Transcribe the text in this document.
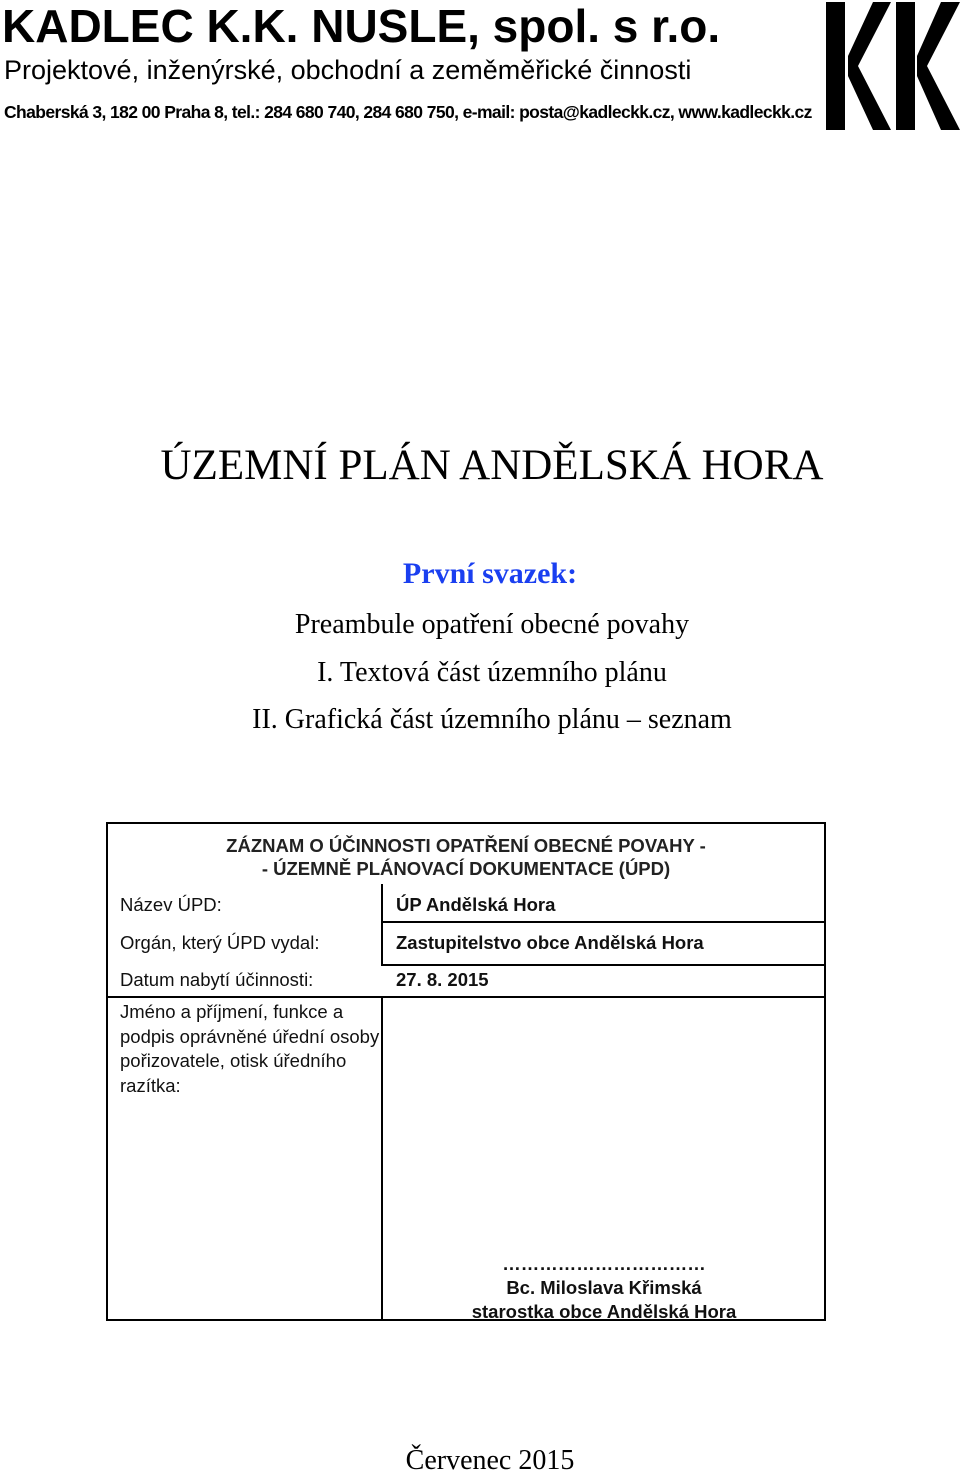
KADLEC K.K. NUSLE, spol. s r.o.
Projektové, inženýrské, obchodní a zeměměřické činnosti
Chaberská 3, 182 00 Praha 8, tel.: 284 680 740, 284 680 750, e-mail: posta@kadleckk.cz, www.kadleckk.cz
ÚZEMNÍ PLÁN ANDĚLSKÁ HORA
První svazek:
Preambule opatření obecné povahy
I. Textová část územního plánu
II. Grafická část územního plánu – seznam
ZÁZNAM O ÚČINNOSTI OPATŘENÍ OBECNÉ POVAHY -
- ÚZEMNĚ PLÁNOVACÍ DOKUMENTACE (ÚPD)
Název ÚPD:	ÚP Andělská Hora
Orgán, který ÚPD vydal:	Zastupitelstvo obce Andělská Hora
Datum nabytí účinnosti:	27. 8. 2015
Jméno a příjmení, funkce a podpis oprávněné úřední osoby pořizovatele, otisk úředního razítka:
……………………………
Bc. Miloslava Křimská
starostka obce Andělská Hora
Červenec 2015
